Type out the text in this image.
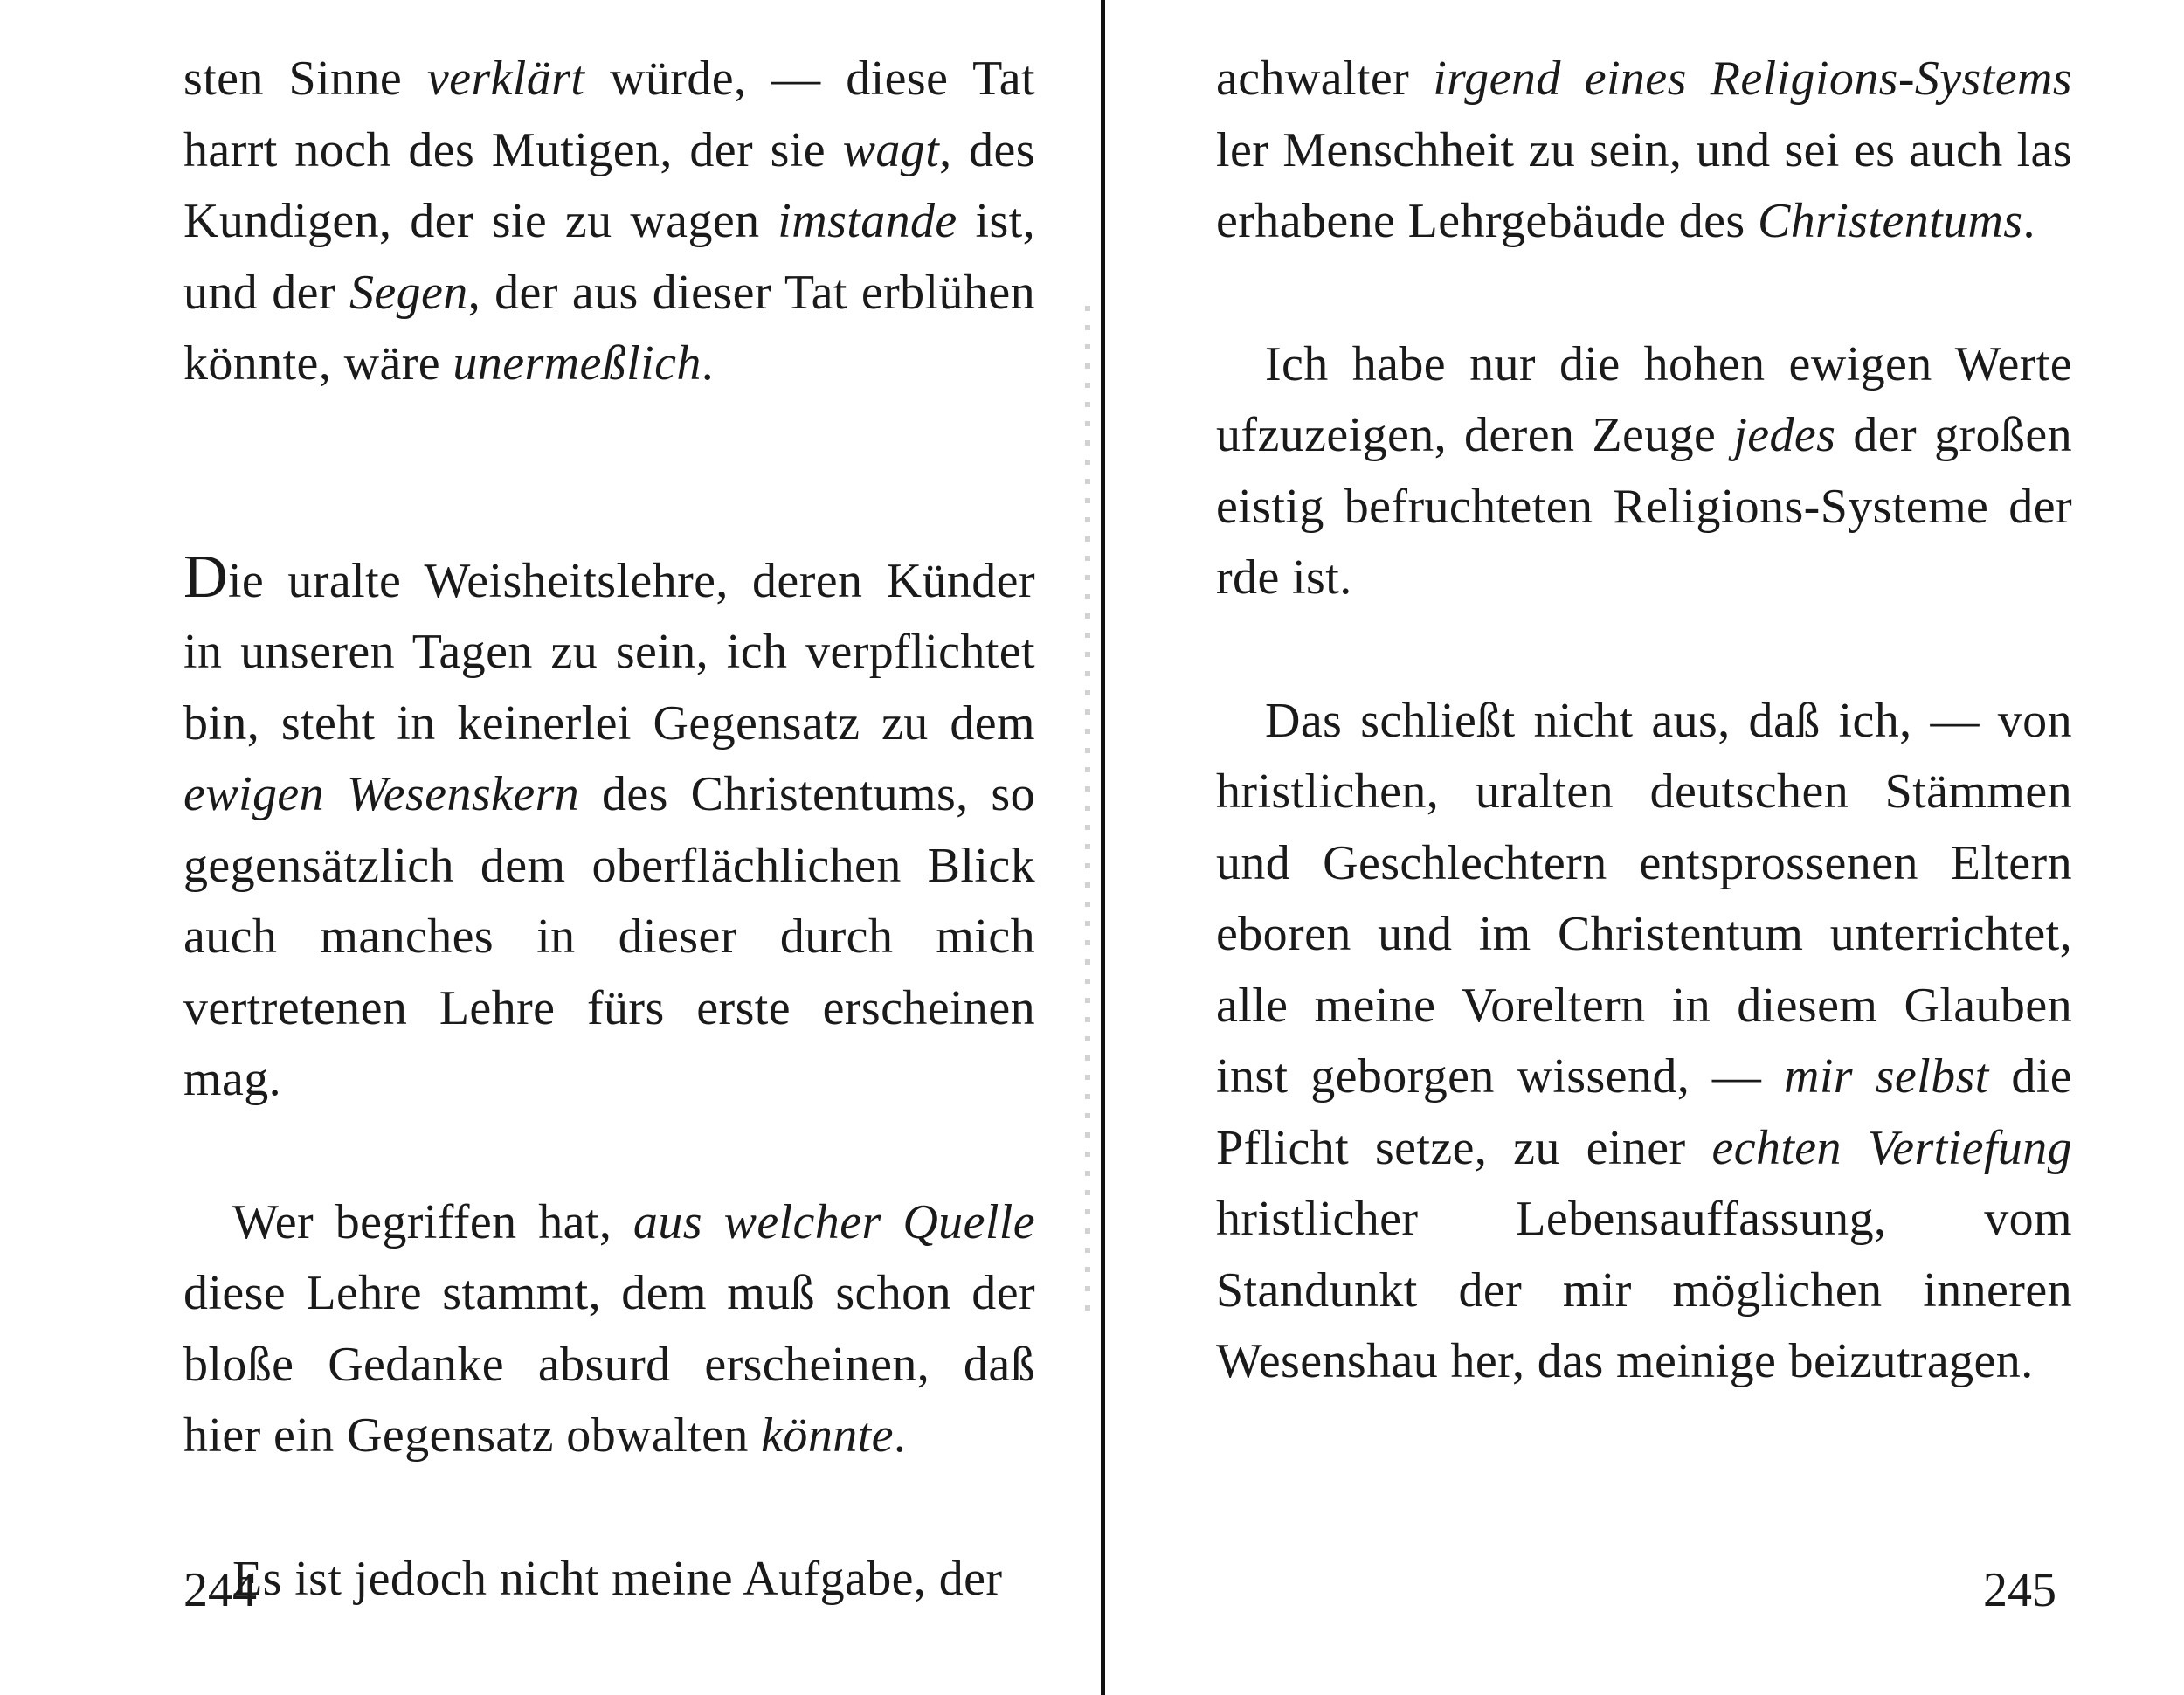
sten Sinne verklärt würde, — diese Tat harrt noch des Mutigen, der sie wagt, des Kundigen, der sie zu wagen imstande ist, und der Segen, der aus dieser Tat erblühen könnte, wäre unermeßlich.

Die uralte Weisheitslehre, deren Künder in unseren Tagen zu sein, ich verpflichtet bin, steht in keinerlei Gegensatz zu dem ewigen Wesenskern des Christentums, so gegensätzlich dem oberflächlichen Blick auch manches in dieser durch mich vertretenen Lehre fürs erste erscheinen mag.

Wer begriffen hat, aus welcher Quelle diese Lehre stammt, dem muß schon der bloße Gedanke absurd erscheinen, daß hier ein Gegensatz obwalten könnte.

Es ist jedoch nicht meine Aufgabe, der

244

achwalter irgend eines Religions-Systems ler Menschheit zu sein, und sei es auch las erhabene Lehrgebäude des Christentums.

Ich habe nur die hohen ewigen Werte ufzuzeigen, deren Zeuge jedes der großen eistig befruchteten Religions-Systeme der rde ist.

Das schließt nicht aus, daß ich, — von hristlichen, uralten deutschen Stämmen und Geschlechtern entsprossenen Eltern eboren und im Christentum unterrichtet, alle meine Voreltern in diesem Glauben inst geborgen wissend, — mir selbst die Pflicht setze, zu einer echten Vertiefung hristlicher Lebensauffassung, vom Standunkt der mir möglichen inneren Wesenshau her, das meinige beizutragen.

245
